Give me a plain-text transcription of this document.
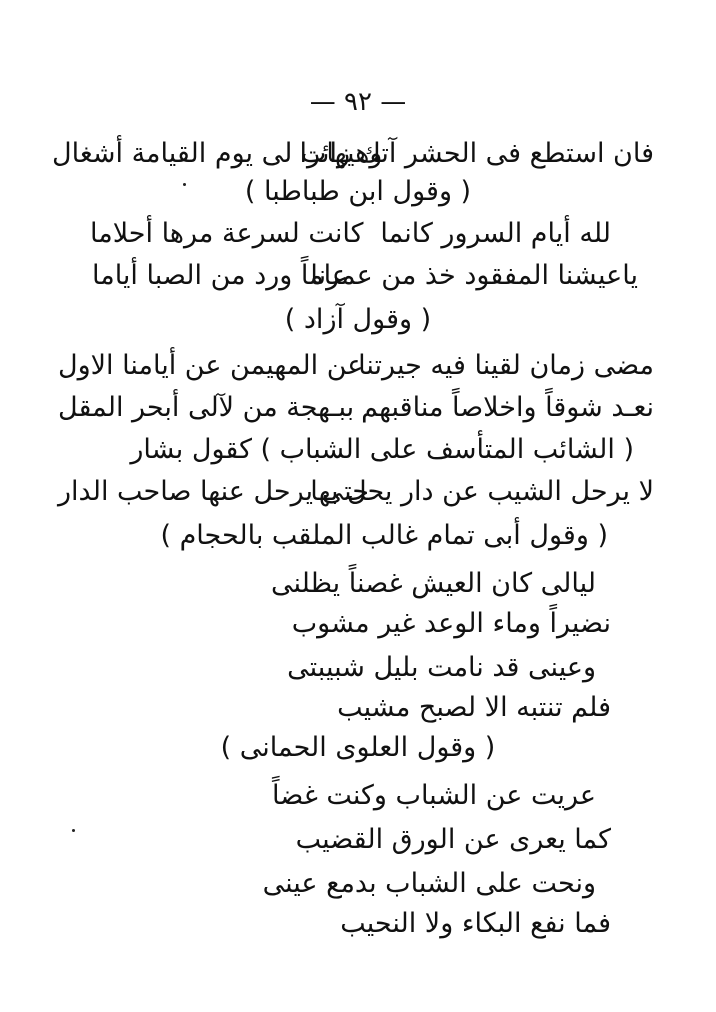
— ٩٢ —
فان استطع فى الحشر آتك زائرا
وهيهات لى يوم القيامة أشغال
( وقول ابن طباطبا )
لله أيام السرور كانما
كانت لسرعة مرها أحلاما
ياعيشنا المفقود خذ من عمرنا
عاماً ورد من الصبا أياما
( وقول آزاد )
مضى زمان لقينا فيه جيرتنا
عن المهيمن عن أيامنا الاول
نعـد شوقاً واخلاصاً مناقبهم
ببـهجة من لآلى أبحر المقل
( الشائب المتأسف على الشباب ) كقول بشار
لا يرحل الشيب عن دار يحل بها
حتى يرحل عنها صاحب الدار
( وقول أبى تمام غالب الملقب بالحجام )
ليالى كان العيش غصناً يظلنى
نضيراً وماء الوعد غير مشوب
وعينى قد نامت بليل شبيبتى
فلم تنتبه الا لصبح مشيب
( وقول العلوى الحمانى )
عريت عن الشباب وكنت غضاً
كما يعرى عن الورق القضيب
ونحت على الشباب بدمع عينى
فما نفع البكاء ولا النحيب
